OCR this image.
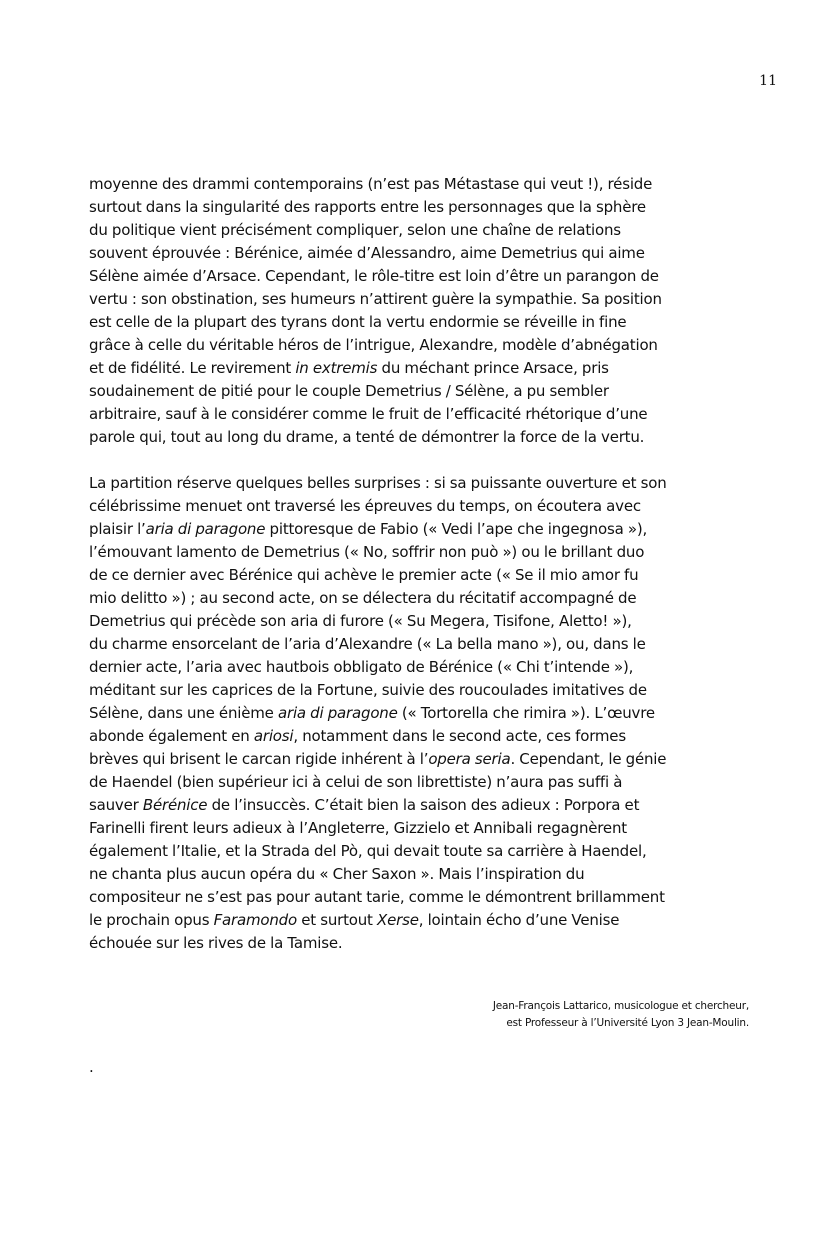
11
moyenne des drammi contemporains (n’est pas Métastase qui veut !), réside
surtout dans la singularité des rapports entre les personnages que la sphère
du politique vient précisément compliquer, selon une chaîne de relations
souvent éprouvée : Bérénice, aimée d’Alessandro, aime Demetrius qui aime
Sélène aimée d’Arsace. Cependant, le rôle-titre est loin d’être un parangon de
vertu : son obstination, ses humeurs n’attirent guère la sympathie. Sa position
est celle de la plupart des tyrans dont la vertu endormie se réveille in fine
grâce à celle du véritable héros de l’intrigue, Alexandre, modèle d’abnégation
et de fidélité. Le revirement in extremis du méchant prince Arsace, pris
soudainement de pitié pour le couple Demetrius / Sélène, a pu sembler
arbitraire, sauf à le considérer comme le fruit de l’efficacité rhétorique d’une
parole qui, tout au long du drame, a tenté de démontrer la force de la vertu.
La partition réserve quelques belles surprises : si sa puissante ouverture et son
célébrissime menuet ont traversé les épreuves du temps, on écoutera avec
plaisir l’aria di paragone pittoresque de Fabio (« Vedi l’ape che ingegnosa »),
l’émouvant lamento de Demetrius (« No, soffrir non può ») ou le brillant duo
de ce dernier avec Bérénice qui achève le premier acte (« Se il mio amor fu
mio delitto ») ; au second acte, on se délectera du récitatif accompagné de
Demetrius qui précède son aria di furore (« Su Megera, Tisifone, Aletto! »),
du charme ensorcelant de l’aria d’Alexandre (« La bella mano »), ou, dans le
dernier acte, l’aria avec hautbois obbligato de Bérénice (« Chi t’intende »),
méditant sur les caprices de la Fortune, suivie des roucoulades imitatives de
Sélène, dans une énième aria di paragone (« Tortorella che rimira »). L’œuvre
abonde également en ariosi, notamment dans le second acte, ces formes
brèves qui brisent le carcan rigide inhérent à l’opera seria. Cependant, le génie
de Haendel (bien supérieur ici à celui de son librettiste) n’aura pas suffi à
sauver Bérénice de l’insuccès. C’était bien la saison des adieux : Porpora et
Farinelli firent leurs adieux à l’Angleterre, Gizzielo et Annibali regagnèrent
également l’Italie, et la Strada del Pò, qui devait toute sa carrière à Haendel,
ne chanta plus aucun opéra du « Cher Saxon ». Mais l’inspiration du
compositeur ne s’est pas pour autant tarie, comme le démontrent brillamment
le prochain opus Faramondo et surtout Xerse, lointain écho d’une Venise
échouée sur les rives de la Tamise.
Jean-François Lattarico, musicologue et chercheur,
est Professeur à l’Université Lyon 3 Jean-Moulin.
.
